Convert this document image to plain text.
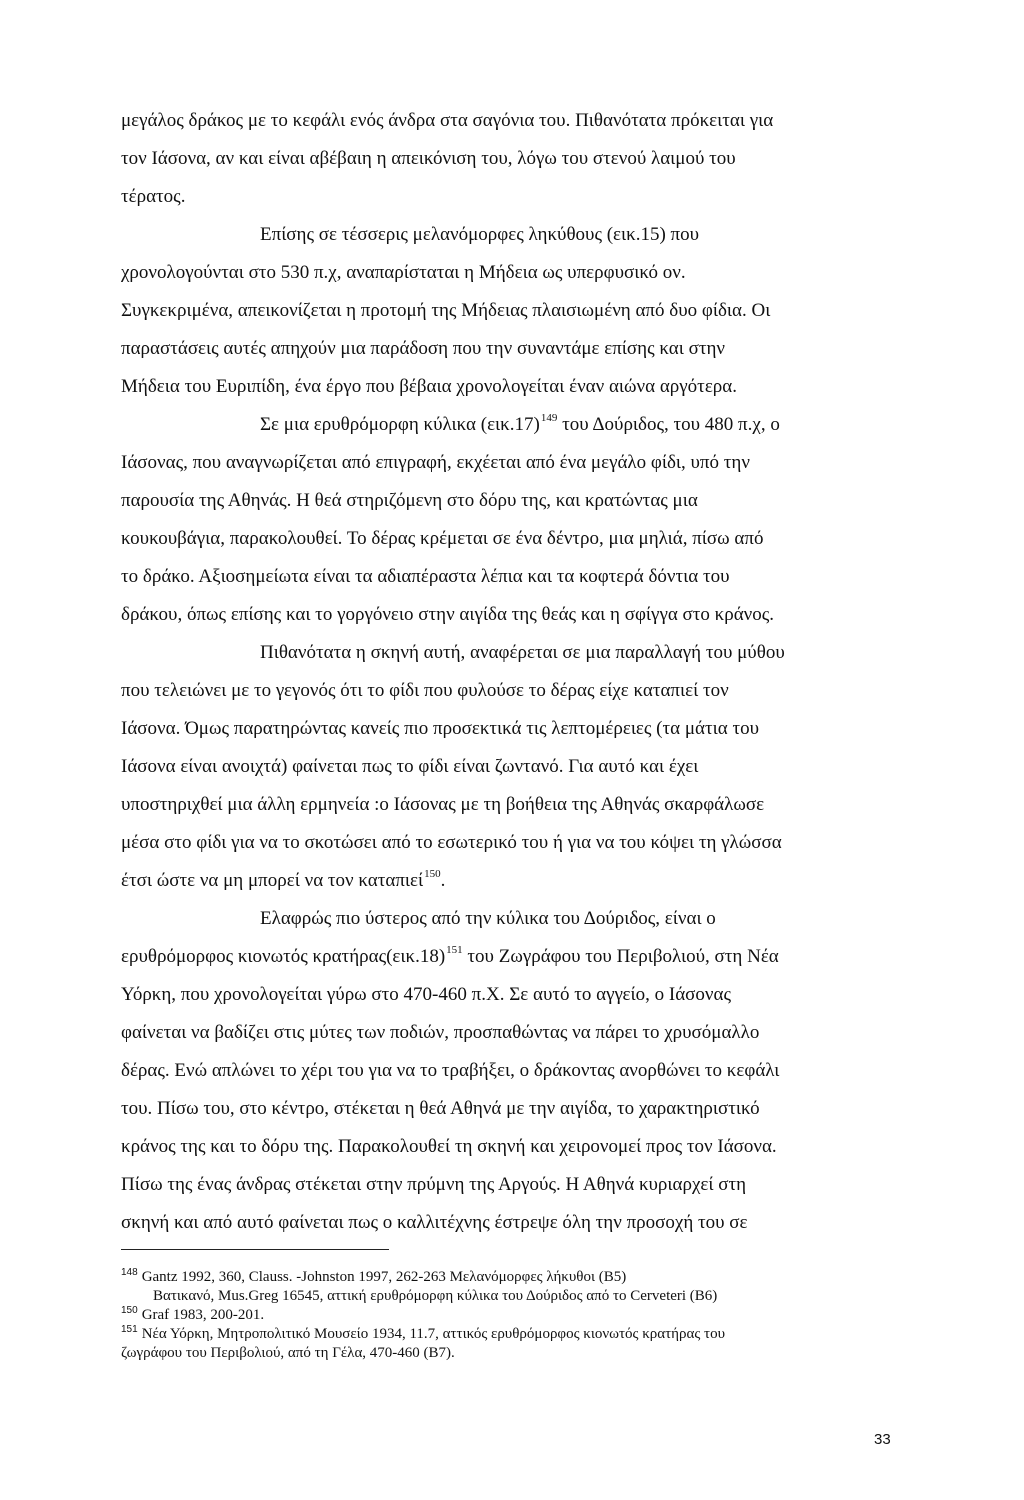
μεγάλος δράκος με το κεφάλι ενός άνδρα στα σαγόνια του. Πιθανότατα πρόκειται για
τον Ιάσονα, αν και είναι αβέβαιη η απεικόνιση του, λόγω του στενού λαιμού του
τέρατος.
Επίσης σε τέσσερις μελανόμορφες ληκύθους (εικ.15) που
χρονολογούνται στο 530 π.χ, αναπαρίσταται η Μήδεια ως υπερφυσικό ον.
Συγκεκριμένα, απεικονίζεται η προτομή της Μήδειας πλαισιωμένη από δυο φίδια. Οι
παραστάσεις αυτές απηχούν μια παράδοση που την συναντάμε επίσης και στην
Μήδεια του Ευριπίδη, ένα έργο που βέβαια χρονολογείται έναν αιώνα αργότερα.
Σε μια ερυθρόμορφη κύλικα $(\varepsilon\iota\kappa.17)^{149}$ του Δούριδος, του 480 π.χ, ο
Ιάσονας, που αναγνωρίζεται από επιγραφή, εκχέεται από ένα μεγάλο φίδι, υπό την
παρουσία της Αθηνάς. Η θεά στηριζόμενη στο δόρυ της, και κρατώντας μια
κουκουβάγια, παρακολουθεί. Το δέρας κρέμεται σε ένα δέντρο, μια μηλιά, πίσω από
το δράκο. Αξιοσημείωτα είναι τα αδιαπέραστα λέπια και τα κοφτερά δόντια του
δράκου, όπως επίσης και το γοργόνειο στην αιγίδα της θεάς και η σφίγγα στο κράνος.
Πιθανότατα η σκηνή αυτή, αναφέρεται σε μια παραλλαγή του μύθου
που τελειώνει με το γεγονός ότι το φίδι που φυλούσε το δέρας είχε καταπιεί τον
Ιάσονα. Όμως παρατηρώντας κανείς πιο προσεκτικά τις λεπτομέρειες (τα μάτια του
Ιάσονα είναι ανοιχτά) φαίνεται πως το φίδι είναι ζωντανό. Για αυτό και έχει
υποστηριχθεί μια άλλη ερμηνεία :ο Ιάσονας με τη βοήθεια της Αθηνάς σκαρφάλωσε
μέσα στο φίδι για να το σκοτώσει από το εσωτερικό του ή για να του κόψει τη γλώσσα
έτσι ώστε να μη μπορεί να τον καταπιεί$^{150}$.
Ελαφρώς πιο ύστερος από την κύλικα του Δούριδος, είναι ο
ερυθρόμορφος κιονωτός $\kappa\rho\alpha\tau ή\rho\alpha\varsigma(\varepsilon\iota\kappa.18)^{151}$ του Ζωγράφου του Περιβολιού, στη Νέα
Υόρκη, που χρονολογείται γύρω στο 470-460 π.Χ. Σε αυτό το αγγείο, ο Ιάσονας
φαίνεται να βαδίζει στις μύτες των ποδιών, προσπαθώντας να πάρει το χρυσόμαλλο
δέρας. Ενώ απλώνει το χέρι του για να το τραβήξει, ο δράκοντας ανορθώνει το κεφάλι
του. Πίσω του, στο κέντρο, στέκεται η θεά Αθηνά με την αιγίδα, το χαρακτηριστικό
κράνος της και το δόρυ της. Παρακολουθεί τη σκηνή και χειρονομεί προς τον Ιάσονα.
Πίσω της ένας άνδρας στέκεται στην πρύμνη της Αργούς. Η Αθηνά κυριαρχεί στη
σκηνή και από αυτό φαίνεται πως ο καλλιτέχνης έστρεψε όλη την προσοχή του σε
$^{148}$ Gantz 1992, 360, Clauss. -Johnston 1997, 262-263 Μελανόμορφες λήκυθοι (B5)
Βατικανό, Mus.Greg 16545, αττική ερυθρόμορφη κύλικα του Δούριδος από το Cerveteri (B6)
$^{150}$ Graf 1983, 200-201.
$^{151}$ Νέα Υόρκη, Μητροπολιτικό Μουσείο 1934, 11.7, αττικός ερυθρόμορφος κιονωτός κρατήρας του
ζωγράφου του Περιβολιού, από τη Γέλα, 470-460 (B7).
33
